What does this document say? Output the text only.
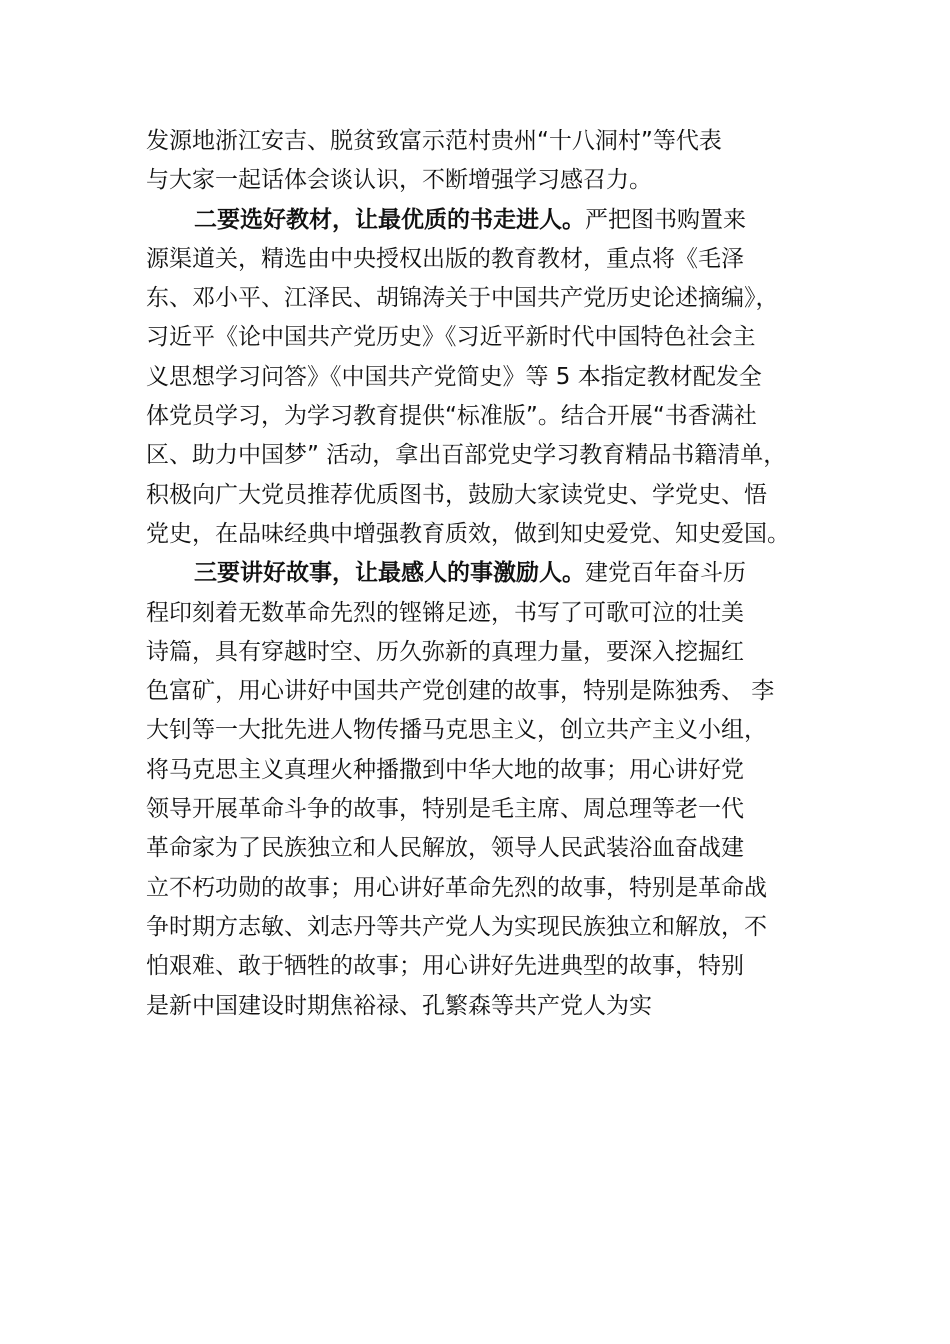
发源地浙江安吉、脱贫致富示范村贵州“十八洞村”等代表
与大家一起话体会谈认识，不断增强学习感召力。
二要选好教材，让最优质的书走进人。严把图书购置来
源渠道关，精选由中央授权出版的教育教材，重点将《毛泽
东、邓小平、江泽民、胡锦涛关于中国共产党历史论述摘编》，
习近平《论中国共产党历史》《习近平新时代中国特色社会主
义思想学习问答》《中国共产党简史》等 5 本指定教材配发全
体党员学习，为学习教育提供“标准版”。结合开展“书香满社
区、助力中国梦” 活动，拿出百部党史学习教育精品书籍清单，
积极向广大党员推荐优质图书，鼓励大家读党史、学党史、悟
党史，在品味经典中增强教育质效，做到知史爱党、知史爱国。
三要讲好故事，让最感人的事激励人。建党百年奋斗历
程印刻着无数革命先烈的铿锵足迹，书写了可歌可泣的壮美
诗篇，具有穿越时空、历久弥新的真理力量，要深入挖掘红
色富矿，用心讲好中国共产党创建的故事，特别是陈独秀、 李
大钊等一大批先进人物传播马克思主义，创立共产主义小组，
将马克思主义真理火种播撒到中华大地的故事；用心讲好党
领导开展革命斗争的故事，特别是毛主席、周总理等老一代
革命家为了民族独立和人民解放，领导人民武装浴血奋战建
立不朽功勋的故事；用心讲好革命先烈的故事，特别是革命战
争时期方志敏、刘志丹等共产党人为实现民族独立和解放，不
怕艰难、敢于牺牲的故事；用心讲好先进典型的故事，特别
是新中国建设时期焦裕禄、孔繁森等共产党人为实
